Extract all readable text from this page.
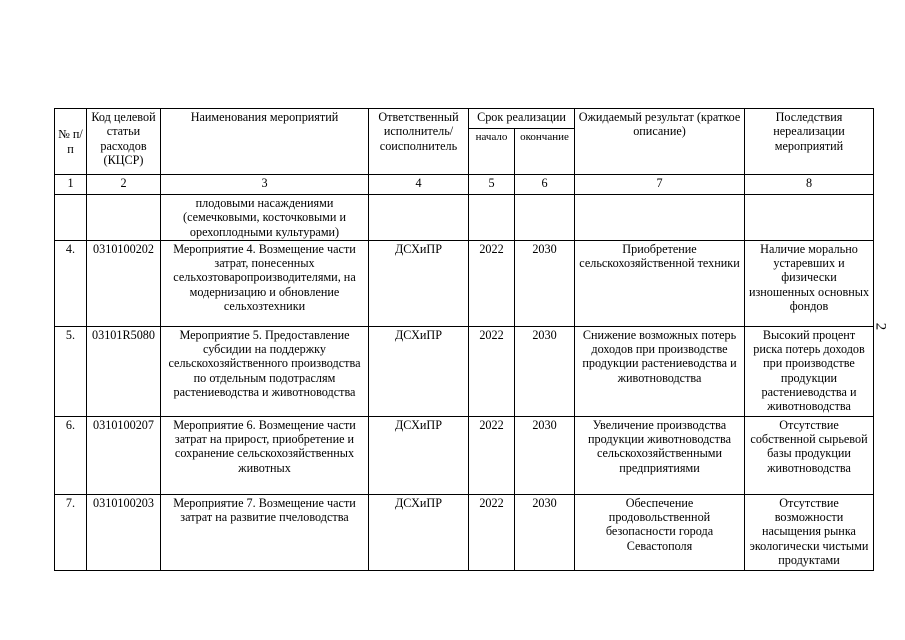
№ п/п	Код целевой статьи расходов (КЦСР)	Наименования мероприятий	Ответственный исполнитель/ соисполнитель	Срок реализации		Ожидаемый результат (краткое описание)	Последствия нереализации мероприятий
				начало	окончание		
1	2	3	4	5	6	7	8
		плодовыми насаждениями (семечковыми, косточковыми и орехоплодными культурами)					
4.	0310100202	Мероприятие 4. Возмещение части затрат, понесенных сельхозтоваропроизводителями, на модернизацию и обновление сельхозтехники	ДСХиПР	2022	2030	Приобретение сельскохозяйственной техники	Наличие морально устаревших и физически изношенных основных фондов
5.	03101R5080	Мероприятие 5. Предоставление субсидии на поддержку сельскохозяйственного производства по отдельным подотраслям растениеводства и животноводства	ДСХиПР	2022	2030	Снижение возможных потерь доходов при производстве продукции растениеводства и животноводства	Высокий процент риска потерь доходов при производстве продукции растениеводства и животноводства
6.	0310100207	Мероприятие 6. Возмещение части затрат на прирост, приобретение и сохранение сельскохозяйственных животных	ДСХиПР	2022	2030	Увеличение производства продукции животноводства сельскохозяйственными предприятиями	Отсутствие собственной сырьевой базы продукции животноводства
7.	0310100203	Мероприятие 7. Возмещение части затрат на развитие пчеловодства	ДСХиПР	2022	2030	Обеспечение продовольственной безопасности города Севастополя	Отсутствие возможности насыщения рынка экологически чистыми продуктами
2
